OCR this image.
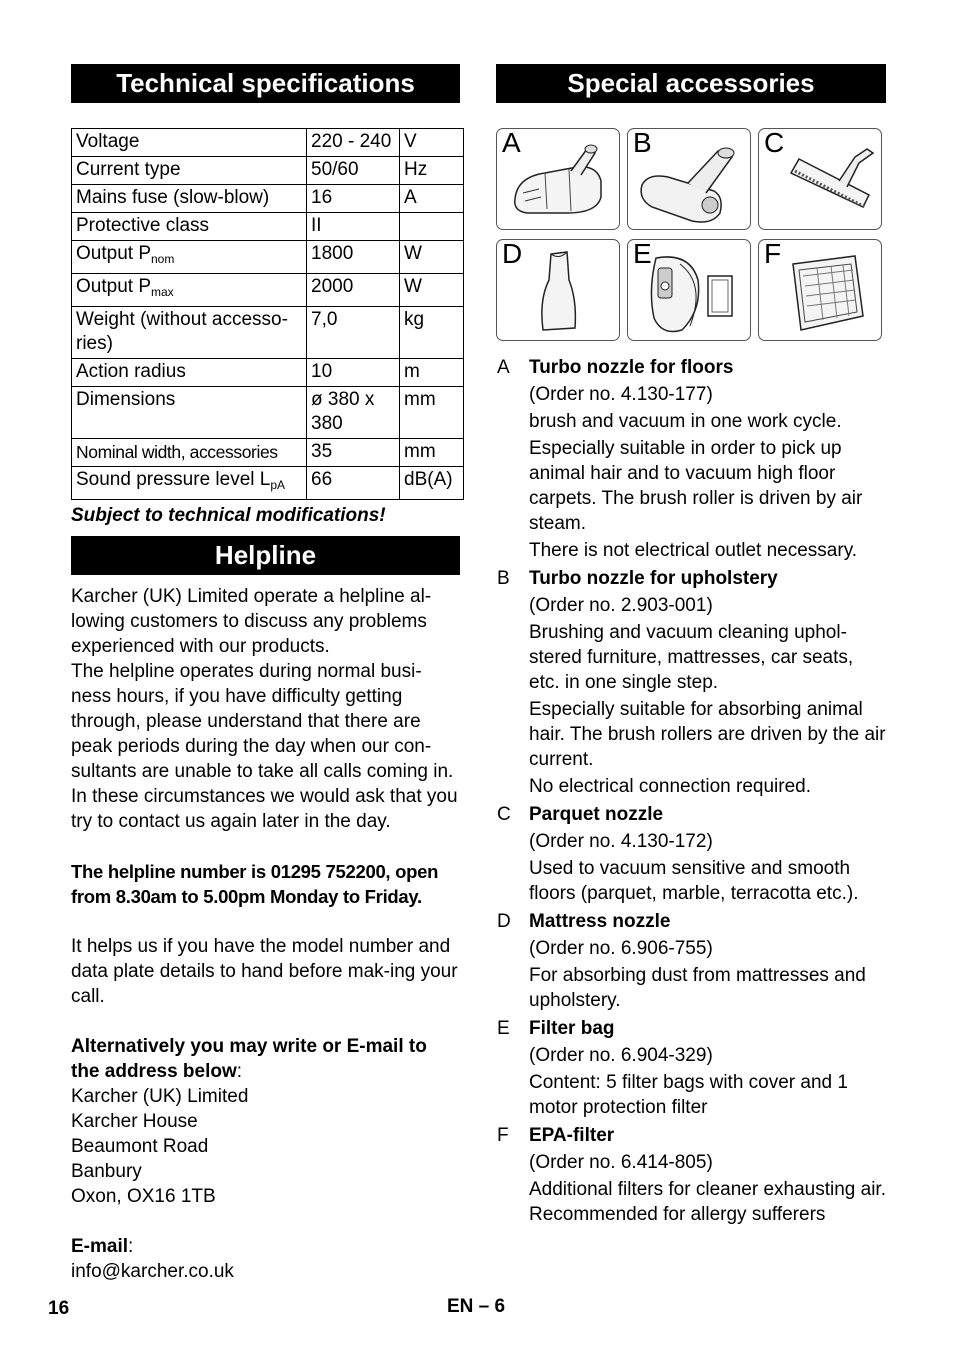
Technical specifications
Voltage	220 - 240	V
Current type	50/60	Hz
Mains fuse (slow-blow)	16	A
Protective class	II	
Output $P_{nom}$	1800	W
Output $P_{max}$	2000	W
Weight (without accesso-ries)	7,0	kg
Action radius	10	m
Dimensions	ø 380 x 380	mm
Nominal width, accessories	35	mm
Sound pressure level $L_{pA}$	66	dB(A)
Subject to technical modifications!
Helpline

Karcher (UK) Limited operate a helpline al-lowing customers to discuss any problems experienced with our products.

The helpline operates during normal busi-ness hours, if you have difficulty getting through, please understand that there are peak periods during the day when our con-sultants are unable to take all calls coming in. In these circumstances we would ask that you try to contact us again later in the day.

The helpline number is 01295 752200, open from 8.30am to 5.00pm Monday to Friday.

It helps us if you have the model number and data plate details to hand before mak-ing your call.

Alternatively you may write or E-mail to the address below:

Karcher (UK) Limited

Karcher House

Beaumont Road

Banbury

Oxon, OX16 1TB

E-mail:

info@karcher.co.uk

Special accessories
A	B	C
D	E	F
A Turbo nozzle for floors
(Order no. 4.130-177)
brush and vacuum in one work cycle.
Especially suitable in order to pick up animal hair and to vacuum high floor carpets. The brush roller is driven by air steam.
There is not electrical outlet necessary.
B Turbo nozzle for upholstery
(Order no. 2.903-001)
Brushing and vacuum cleaning uphol-stered furniture, mattresses, car seats, etc. in one single step.
Especially suitable for absorbing animal hair. The brush rollers are driven by the air current.
No electrical connection required.
C Parquet nozzle
(Order no. 4.130-172)
Used to vacuum sensitive and smooth floors (parquet, marble, terracotta etc.).
D Mattress nozzle
(Order no. 6.906-755)
For absorbing dust from mattresses and upholstery.
E Filter bag
(Order no. 6.904-329)
Content: 5 filter bags with cover and 1 motor protection filter
F EPA-filter
(Order no. 6.414-805)
Additional filters for cleaner exhausting air. Recommended for allergy sufferers
16	EN – 6
